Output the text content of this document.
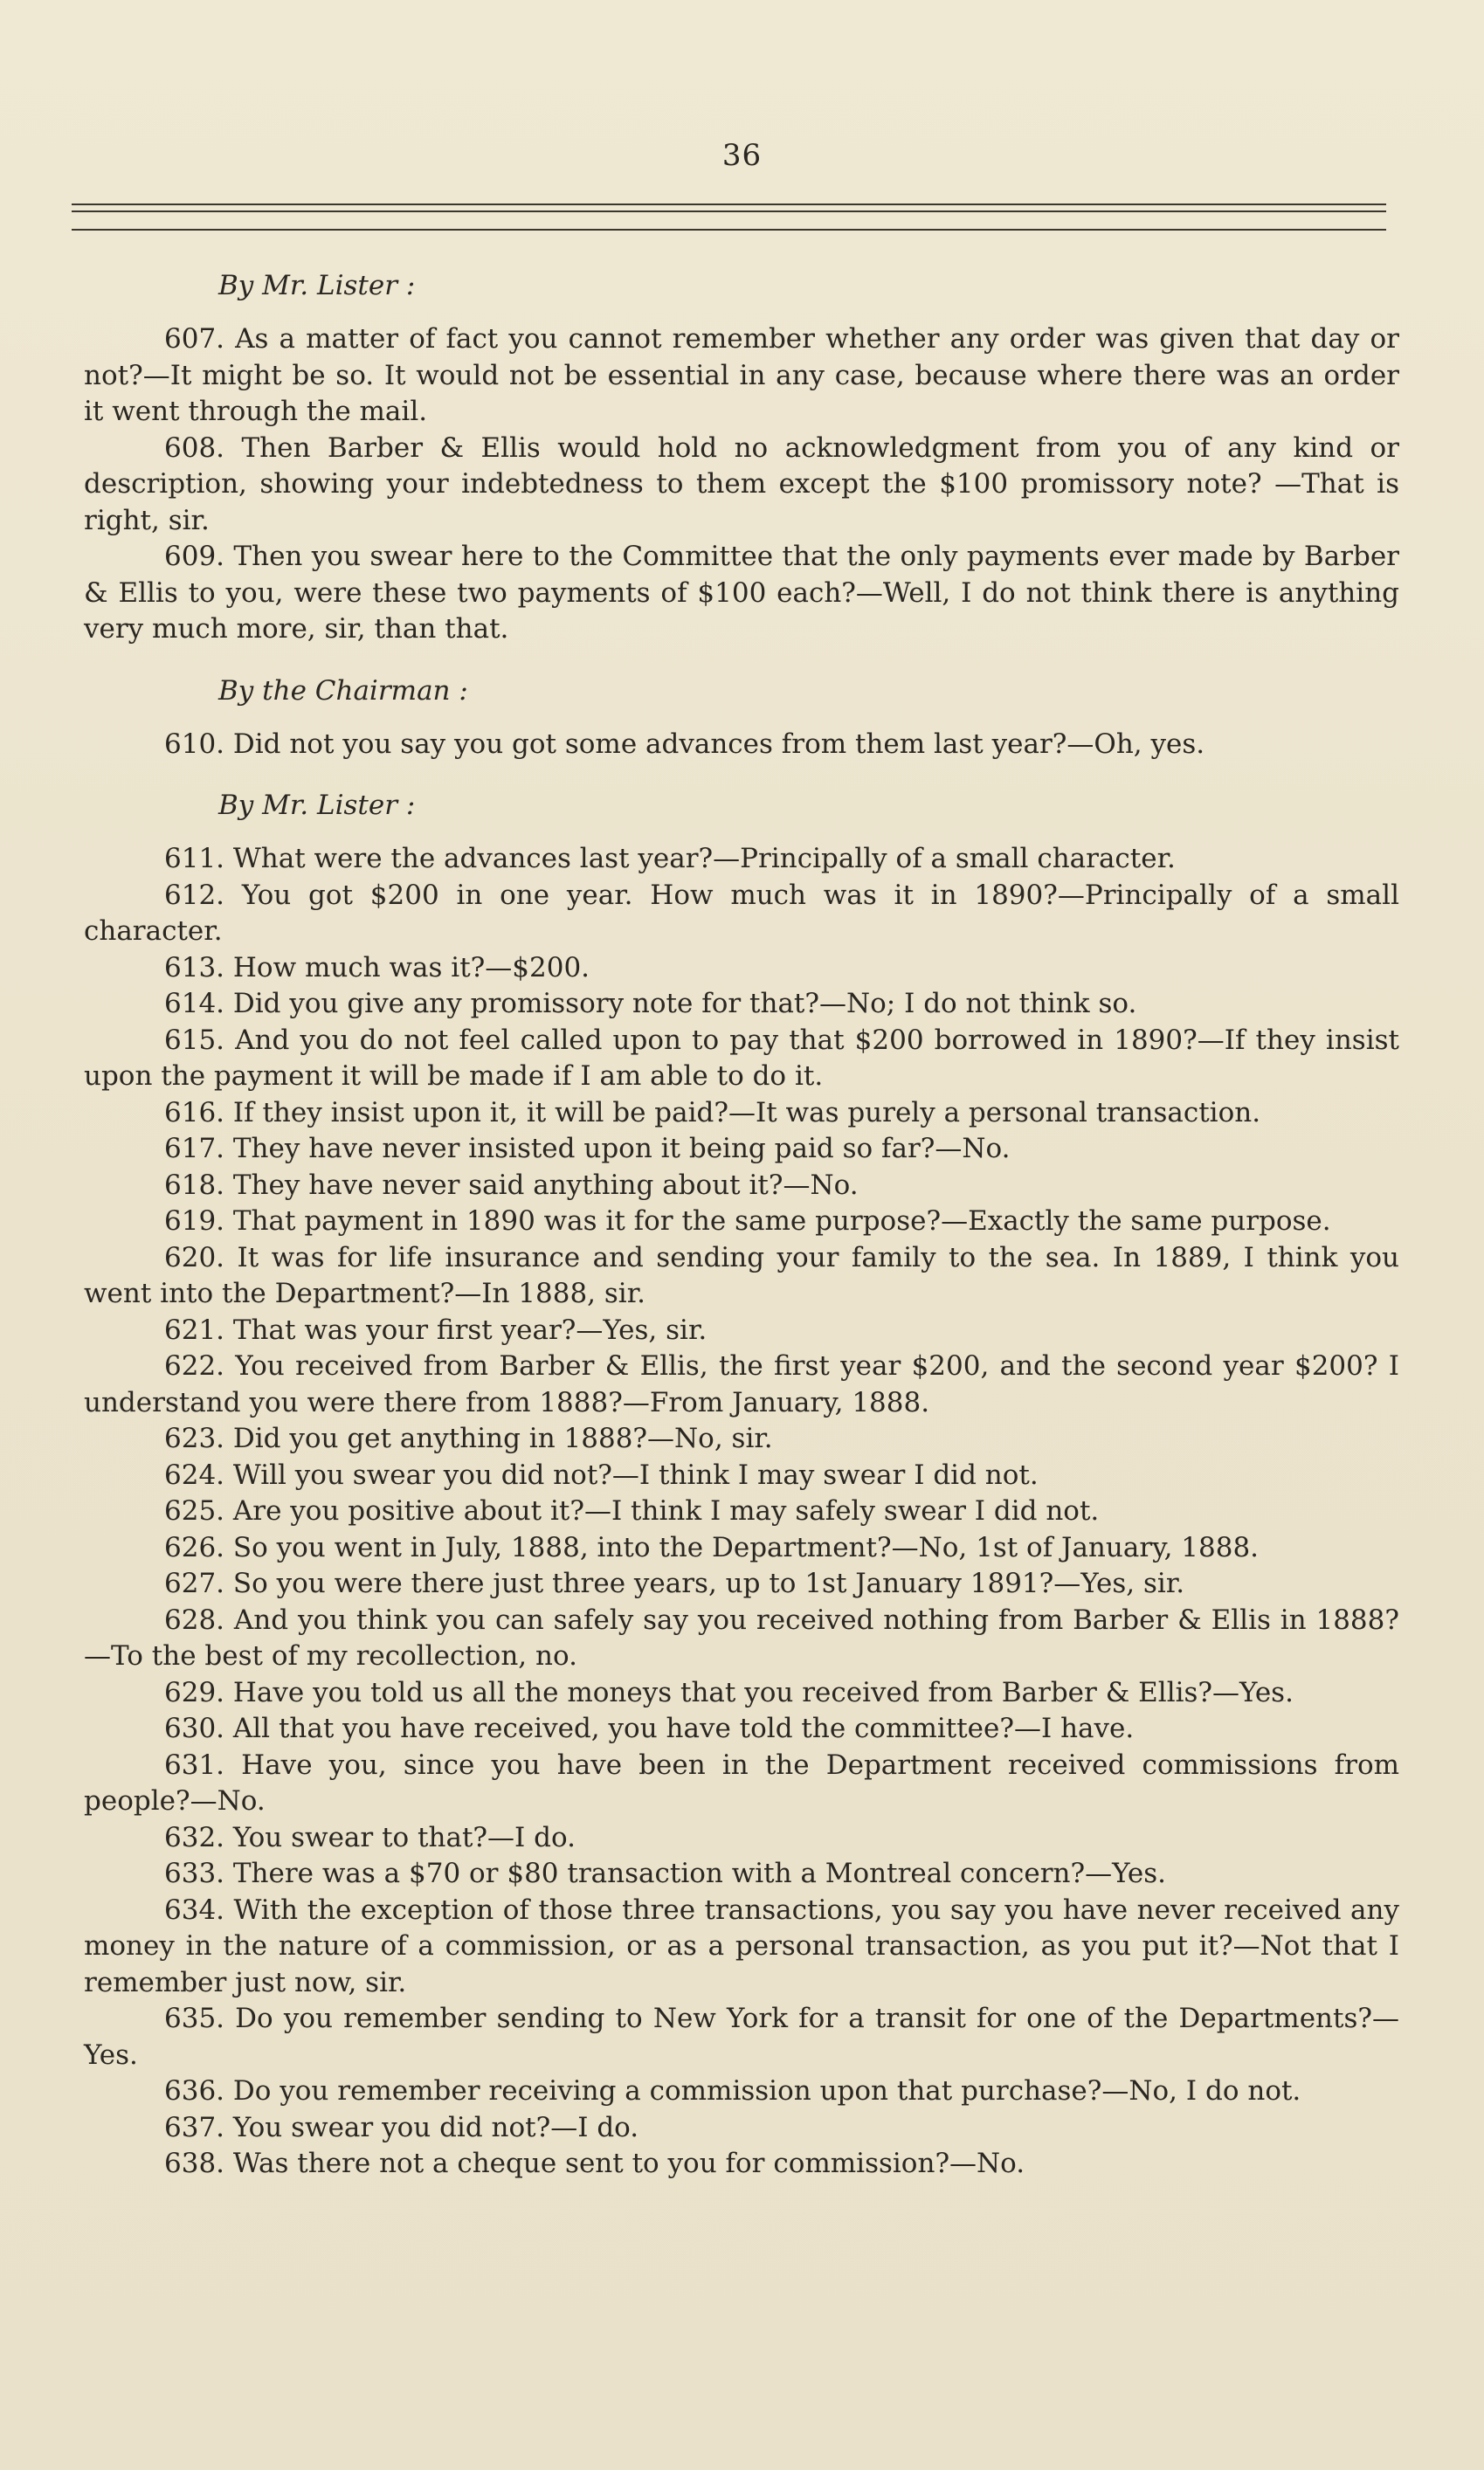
36
By Mr. Lister :

607. As a matter of fact you cannot remember whether any order was given that day or not?—It might be so. It would not be essential in any case, because where there was an order it went through the mail.

608. Then Barber & Ellis would hold no acknowledgment from you of any kind or description, showing your indebtedness to them except the $100 promissory note? —That is right, sir.

609. Then you swear here to the Committee that the only payments ever made by Barber & Ellis to you, were these two payments of $100 each?—Well, I do not think there is anything very much more, sir, than that.

By the Chairman :

610. Did not you say you got some advances from them last year?—Oh, yes.

By Mr. Lister :

611. What were the advances last year?—Principally of a small character.

612. You got $200 in one year. How much was it in 1890?—Principally of a small character.

613. How much was it?—$200.

614. Did you give any promissory note for that?—No; I do not think so.

615. And you do not feel called upon to pay that $200 borrowed in 1890?—If they insist upon the payment it will be made if I am able to do it.

616. If they insist upon it, it will be paid?—It was purely a personal transaction.

617. They have never insisted upon it being paid so far?—No.

618. They have never said anything about it?—No.

619. That payment in 1890 was it for the same purpose?—Exactly the same purpose.

620. It was for life insurance and sending your family to the sea. In 1889, I think you went into the Department?—In 1888, sir.

621. That was your first year?—Yes, sir.

622. You received from Barber & Ellis, the first year $200, and the second year $200? I understand you were there from 1888?—From January, 1888.

623. Did you get anything in 1888?—No, sir.

624. Will you swear you did not?—I think I may swear I did not.

625. Are you positive about it?—I think I may safely swear I did not.

626. So you went in July, 1888, into the Department?—No, 1st of January, 1888.

627. So you were there just three years, up to 1st January 1891?—Yes, sir.

628. And you think you can safely say you received nothing from Barber & Ellis in 1888?—To the best of my recollection, no.

629. Have you told us all the moneys that you received from Barber & Ellis?—Yes.

630. All that you have received, you have told the committee?—I have.

631. Have you, since you have been in the Department received commissions from people?—No.

632. You swear to that?—I do.

633. There was a $70 or $80 transaction with a Montreal concern?—Yes.

634. With the exception of those three transactions, you say you have never received any money in the nature of a commission, or as a personal transaction, as you put it?—Not that I remember just now, sir.

635. Do you remember sending to New York for a transit for one of the Departments?—Yes.

636. Do you remember receiving a commission upon that purchase?—No, I do not.

637. You swear you did not?—I do.

638. Was there not a cheque sent to you for commission?—No.
